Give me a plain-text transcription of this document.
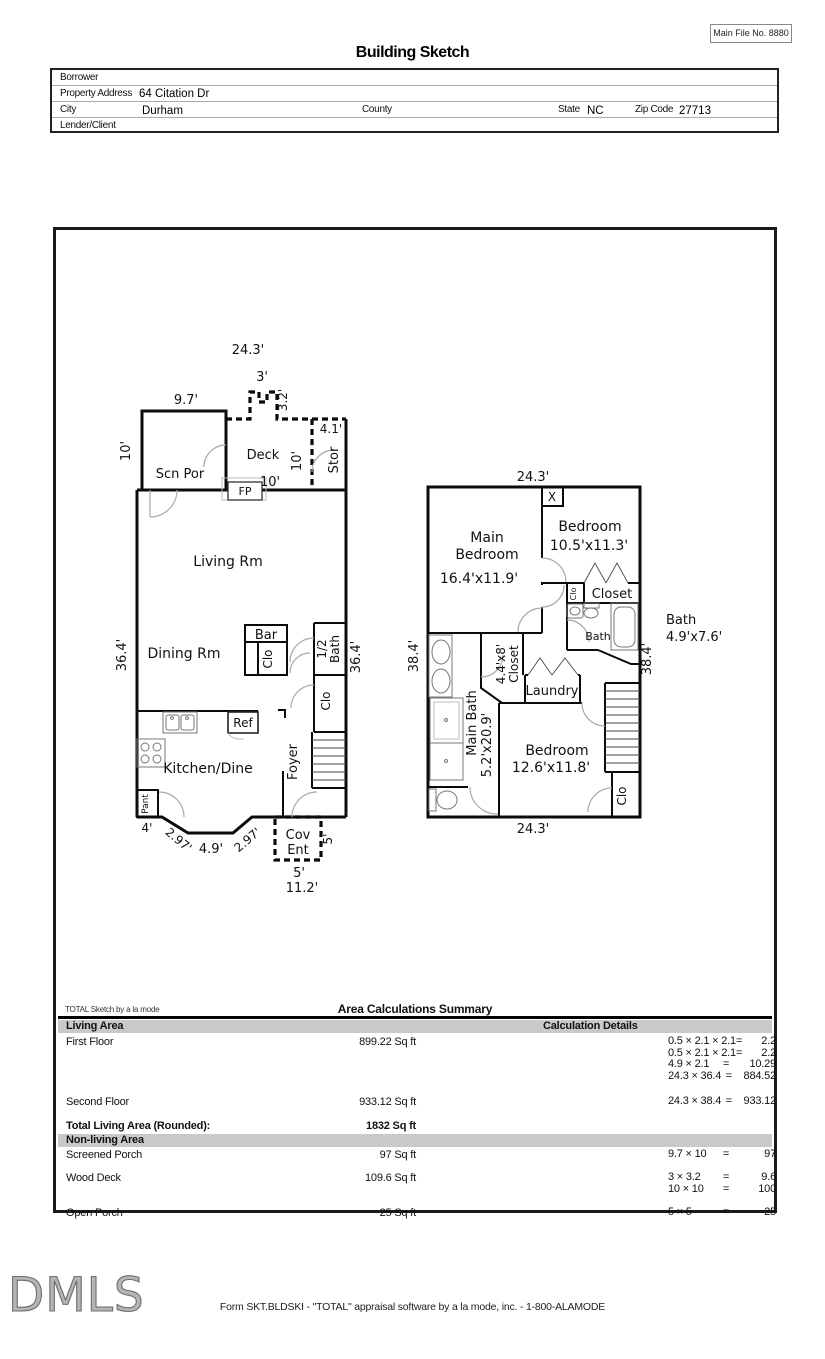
Main File No. 8880
Building Sketch
Borrower
Property Address 64 Citation Dr
City	Durham	County	State NC	Zip Code 27713
Lender/Client
24.3'
3'
3.2'
9.7'
10'
Scn Por
Deck
10'
10'
4.1'
Stor
FP
Living Rm
Dining Rm
Bar
Clo
1/2 Bath
36.4'	36.4'
Clo
Ref
Kitchen/Dine
Pant
Foyer
Cov
Ent
5'
5'
11.2'
4' 2.97' 4.9' 2.97'
24.3'
X
Main
Bedroom
16.4'x11.9'
Bedroom
10.5'x11.3'
Clo Closet
Bath
Bath
4.9'x7.6'
38.4'
38.4'	4.4'x8' Closet
Laundry
Main Bath 5.2'x20.9' Bedroom
12.6'x11.8'
Clo
24.3'
TOTAL Sketch by a la mode	Area Calculations Summary
Living Area	Calculation Details
First Floor	899.22 Sq ft	0.5 × 2.1 × 2.1=	2.2
0.5 × 2.1 × 2.1=	2.2
4.9 × 2.1	=	10.29
24.3 × 36.4 =	884.52
Second Floor	933.12 Sq ft	24.3 × 38.4 =	933.12
Total Living Area (Rounded):	1832 Sq ft
Non-living Area
Screened Porch	97 Sq ft	9.7 × 10	=	97
Wood Deck	109.6 Sq ft	3 × 3.2	=	9.6
10 × 10	=	100
Open Porch	25 Sq ft	5 × 5	=	25
DMLS	Form SKT.BLDSKI - "TOTAL" appraisal software by a la mode, inc. - 1-800-ALAMODE
